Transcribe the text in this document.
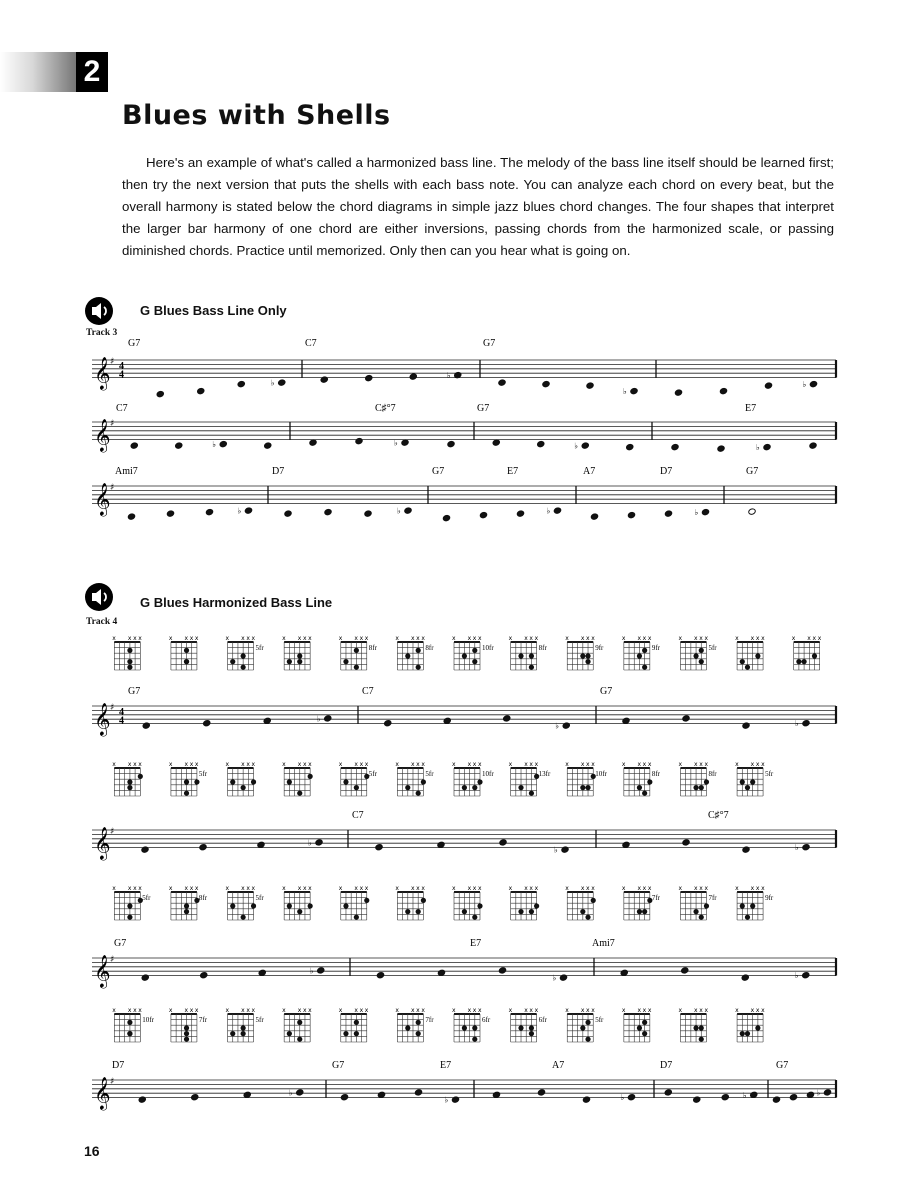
2
Blues with Shells

Here's an example of what's called a harmonized bass line. The melody of the bass line itself should be learned first; then try the next version that puts the shells with each bass note. You can analyze each chord on every beat, but the overall harmony is stated below the chord diagrams in simple jazz blues chord changes. The four shapes that interpret the larger bar harmony of one chord are either inversions, passing chords from the harmonized scale, or passing diminished chords. Practice until memorized. Only then can you hear what is going on.

G Blues Bass Line Only
Track 3
G Blues Harmonized Bass Line
Track 4
𝄞 ♯ 4
4
♭
♭
♭
♭
G7	C7	G7
𝄞 ♯
♭	♭	♭	♭
C7	C♯°7	G7	E7
𝄞 ♯
♭	♭	♭	♭
Ami7	D7	G7	E7	A7	D7	G7
x x x x	x x x x	x x x x
5fr
x x x x	x x x x
8fr
x x x x
8fr
x x x x
10fr
x x x x
8fr
x x x x
9fr
x x x x
9fr
x x x x
5fr
x x x x	x x x x
𝄞 ♯ 4
4	♭
♭	♭
G7	C7	G7
x x x x	x x x x
5fr
x x x x	x x x x	x x x x
5fr
x x x x
5fr
x x x x
10fr
x x x x
13fr
x x x x
10fr
x x x x
8fr
x x x x
8fr
x x x x
5fr
𝄞 ♯
♭
♭	♭
C7	C♯°7
x x x x
5fr
x x x x
8fr
x x x x
5fr
x x x x	x x x x	x x x x	x x x x	x x x x	x x x x	x x x x
7fr
x x x x
7fr
x x x x
9fr
𝄞 ♯
♭
♭	♭
G7	E7	Ami7
x x x x
10fr
x x x x
7fr
x x x x
5fr
x x x x	x x x x	x x x x
7fr
x x x x
6fr
x x x x
6fr
x x x x
5fr
x x x x	x x x x	x x x x
𝄞 ♯
♭
♭	♭	♭	♭
D7	G7	E7	A7	D7	G7
16
